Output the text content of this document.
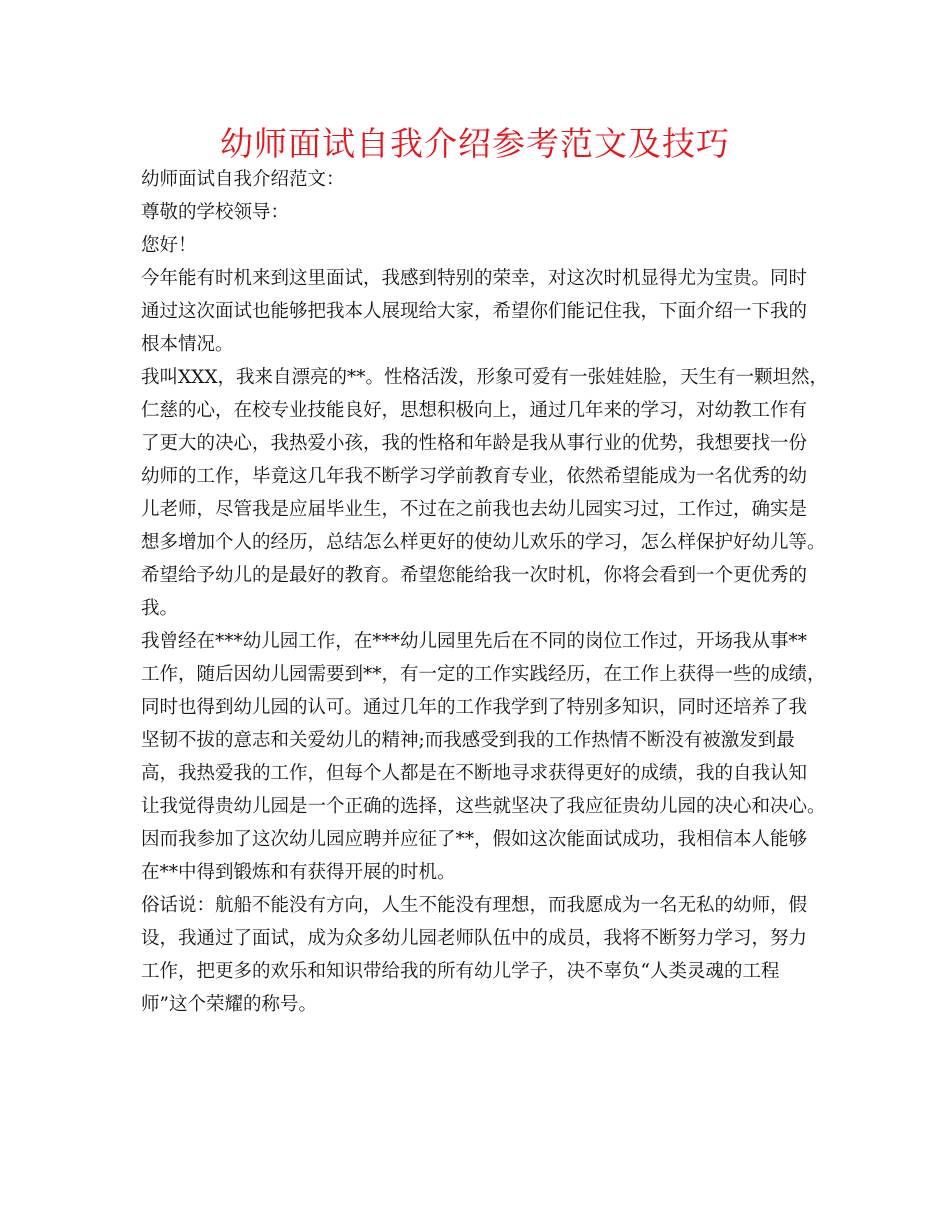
幼师面试自我介绍参考范文及技巧
幼师面试自我介绍范文：
尊敬的学校领导：
您好！
今年能有时机来到这里面试，我感到特别的荣幸，对这次时机显得尤为宝贵。同时
通过这次面试也能够把我本人展现给大家，希望你们能记住我，下面介绍一下我的
根本情况。
我叫XXX，我来自漂亮的**。性格活泼，形象可爱有一张娃娃脸，天生有一颗坦然，
仁慈的心，在校专业技能良好，思想积极向上，通过几年来的学习，对幼教工作有
了更大的决心，我热爱小孩，我的性格和年龄是我从事行业的优势，我想要找一份
幼师的工作，毕竟这几年我不断学习学前教育专业，依然希望能成为一名优秀的幼
儿老师，尽管我是应届毕业生，不过在之前我也去幼儿园实习过，工作过，确实是
想多增加个人的经历，总结怎么样更好的使幼儿欢乐的学习，怎么样保护好幼儿等。
希望给予幼儿的是最好的教育。希望您能给我一次时机，你将会看到一个更优秀的
我。
我曾经在***幼儿园工作，在***幼儿园里先后在不同的岗位工作过，开场我从事**
工作，随后因幼儿园需要到**，有一定的工作实践经历，在工作上获得一些的成绩，
同时也得到幼儿园的认可。通过几年的工作我学到了特别多知识，同时还培养了我
坚韧不拔的意志和关爱幼儿的精神;而我感受到我的工作热情不断没有被激发到最
高，我热爱我的工作，但每个人都是在不断地寻求获得更好的成绩，我的自我认知
让我觉得贵幼儿园是一个正确的选择，这些就坚决了我应征贵幼儿园的决心和决心。
因而我参加了这次幼儿园应聘并应征了**，假如这次能面试成功，我相信本人能够
在**中得到锻炼和有获得开展的时机。
俗话说：航船不能没有方向，人生不能没有理想，而我愿成为一名无私的幼师，假
设，我通过了面试，成为众多幼儿园老师队伍中的成员，我将不断努力学习，努力
工作，把更多的欢乐和知识带给我的所有幼儿学子，决不辜负“人类灵魂的工程
师”这个荣耀的称号。
